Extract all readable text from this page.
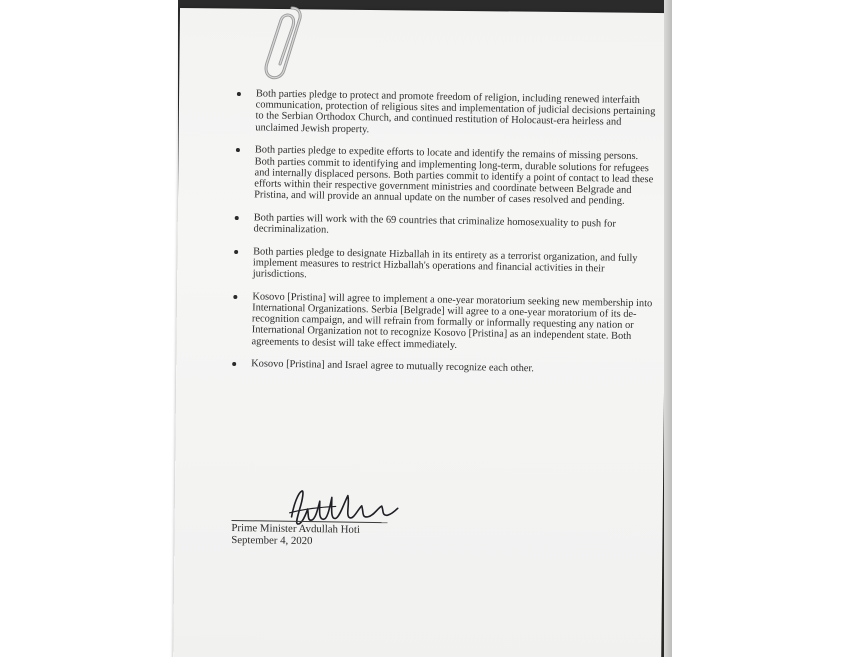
Both parties pledge to protect and promote freedom of religion, including renewed interfaith communication, protection of religious sites and implementation of judicial decisions pertaining to the Serbian Orthodox Church, and continued restitution of Holocaust-era heirless and unclaimed Jewish property.
Both parties pledge to expedite efforts to locate and identify the remains of missing persons. Both parties commit to identifying and implementing long-term, durable solutions for refugees and internally displaced persons. Both parties commit to identify a point of contact to lead these efforts within their respective government ministries and coordinate between Belgrade and Pristina, and will provide an annual update on the number of cases resolved and pending.
Both parties will work with the 69 countries that criminalize homosexuality to push for decriminalization.
Both parties pledge to designate Hizballah in its entirety as a terrorist organization, and fully implement measures to restrict Hizballah's operations and financial activities in their jurisdictions.
Kosovo [Pristina] will agree to implement a one-year moratorium seeking new membership into International Organizations. Serbia [Belgrade] will agree to a one-year moratorium of its de-recognition campaign, and will refrain from formally or informally requesting any nation or International Organization not to recognize Kosovo [Pristina] as an independent state. Both agreements to desist will take effect immediately.
Kosovo [Pristina] and Israel agree to mutually recognize each other.
Prime Minister Avdullah Hoti
September 4, 2020
